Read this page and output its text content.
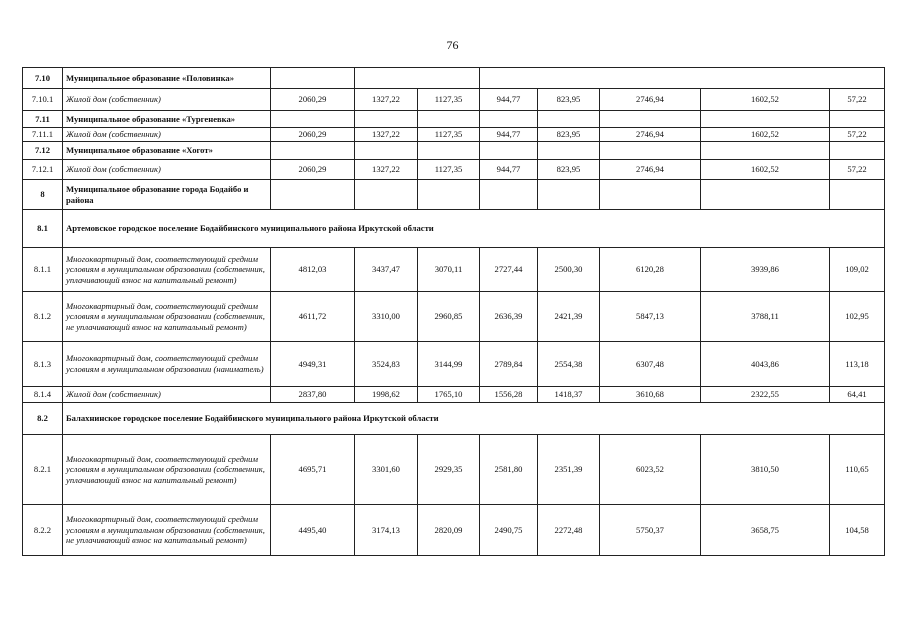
76
7.10	Муниципальное образование «Половинка»								
7.10.1	Жилой дом (собственник)	2060,29	1327,22	1127,35	944,77	823,95	2746,94	1602,52	57,22
7.11	Муниципальное образование «Тургеневка»								
7.11.1	Жилой дом (собственник)	2060,29	1327,22	1127,35	944,77	823,95	2746,94	1602,52	57,22
7.12	Муниципальное образование «Хогот»								
7.12.1	Жилой дом (собственник)	2060,29	1327,22	1127,35	944,77	823,95	2746,94	1602,52	57,22
8	Муниципальное образование города Бодайбо и района								
8.1	Артемовское городское поселение Бодайбинского муниципального района Иркутской области								
8.1.1	Многоквартирный дом, соответствующий средним условиям в муниципальном образовании (собственник, уплачивающий взнос на капитальный ремонт)	4812,03	3437,47	3070,11	2727,44	2500,30	6120,28	3939,86	109,02
8.1.2	Многоквартирный дом, соответствующий средним условиям в муниципальном образовании (собственник, не уплачивающий взнос на капитальный ремонт)	4611,72	3310,00	2960,85	2636,39	2421,39	5847,13	3788,11	102,95
8.1.3	Многоквартирный дом, соответствующий средним условиям в муниципальном образовании (наниматель)	4949,31	3524,83	3144,99	2789,84	2554,38	6307,48	4043,86	113,18
8.1.4	Жилой дом (собственник)	2837,80	1998,62	1765,10	1556,28	1418,37	3610,68	2322,55	64,41
8.2	Балахнинское городское поселение Бодайбинского муниципального района Иркутской области								
8.2.1	Многоквартирный дом, соответствующий средним условиям в муниципальном образовании (собственник, уплачивающий взнос на капитальный ремонт)	4695,71	3301,60	2929,35	2581,80	2351,39	6023,52	3810,50	110,65
8.2.2	Многоквартирный дом, соответствующий средним условиям в муниципальном образовании (собственник, не уплачивающий взнос на капитальный ремонт)	4495,40	3174,13	2820,09	2490,75	2272,48	5750,37	3658,75	104,58
